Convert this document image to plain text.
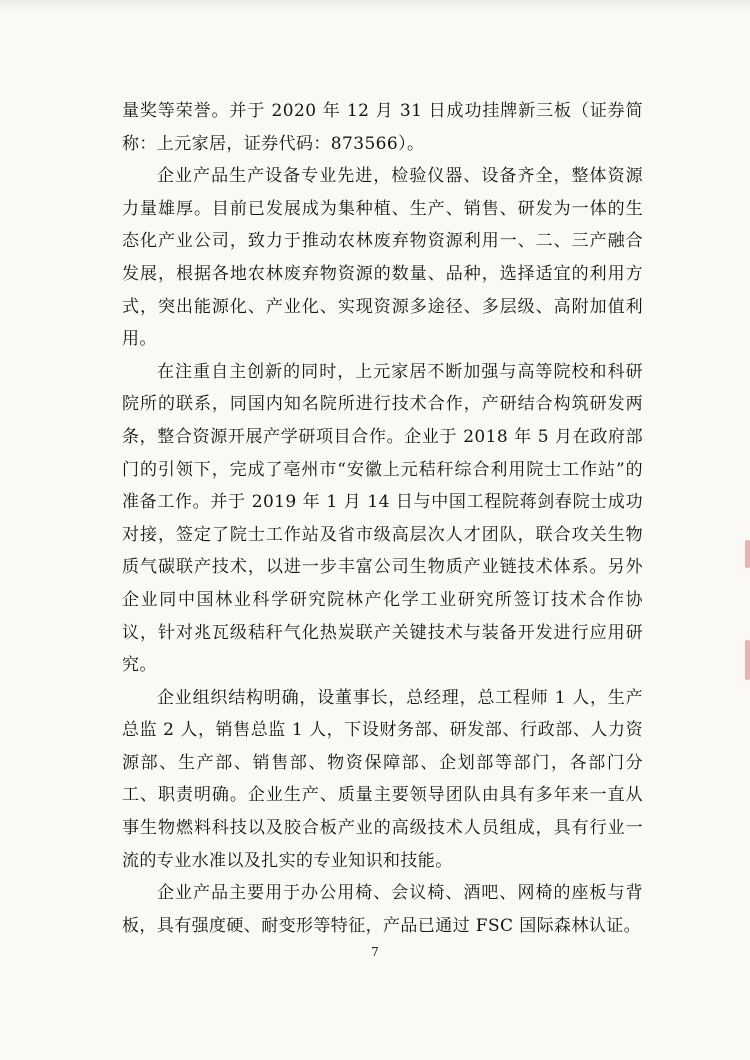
量奖等荣誉。并于 2020 年 12 月 31 日成功挂牌新三板（证券简称：上元家居，证券代码：873566）。

企业产品生产设备专业先进，检验仪器、设备齐全，整体资源力量雄厚。目前已发展成为集种植、生产、销售、研发为一体的生态化产业公司，致力于推动农林废弃物资源利用一、二、三产融合发展，根据各地农林废弃物资源的数量、品种，选择适宜的利用方式，突出能源化、产业化、实现资源多途径、多层级、高附加值利用。

在注重自主创新的同时，上元家居不断加强与高等院校和科研院所的联系，同国内知名院所进行技术合作，产研结合构筑研发两条，整合资源开展产学研项目合作。企业于 2018 年 5 月在政府部门的引领下，完成了亳州市“安徽上元秸秆综合利用院士工作站”的准备工作。并于 2019 年 1 月 14 日与中国工程院蒋剑春院士成功对接，签定了院士工作站及省市级高层次人才团队，联合攻关生物质气碳联产技术，以进一步丰富公司生物质产业链技术体系。另外企业同中国林业科学研究院林产化学工业研究所签订技术合作协议，针对兆瓦级秸秆气化热炭联产关键技术与装备开发进行应用研究。

企业组织结构明确，设董事长，总经理，总工程师 1 人，生产总监 2 人，销售总监 1 人，下设财务部、研发部、行政部、人力资源部、生产部、销售部、物资保障部、企划部等部门，各部门分工、职责明确。企业生产、质量主要领导团队由具有多年来一直从事生物燃料科技以及胶合板产业的高级技术人员组成，具有行业一流的专业水准以及扎实的专业知识和技能。

企业产品主要用于办公用椅、会议椅、酒吧、网椅的座板与背板，具有强度硬、耐变形等特征，产品已通过 FSC 国际森林认证。

7
